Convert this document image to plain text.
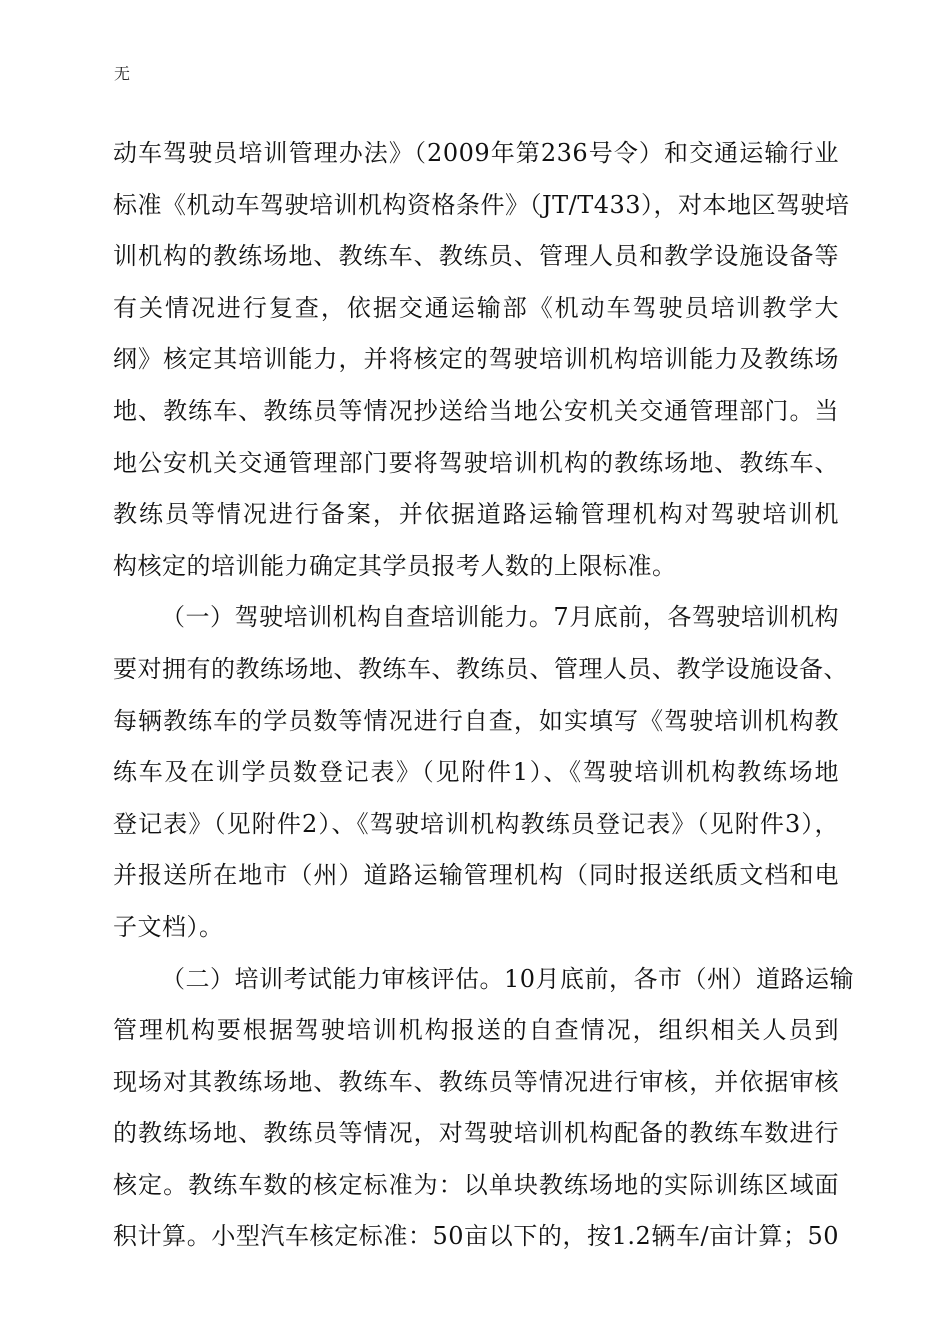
无
动车驾驶员培训管理办法》（2009年第236号令）和交通运输行业
标准《机动车驾驶培训机构资格条件》（JT/T433），对本地区驾驶培
训机构的教练场地、教练车、教练员、管理人员和教学设施设备等
有关情况进行复查，依据交通运输部《机动车驾驶员培训教学大
纲》核定其培训能力，并将核定的驾驶培训机构培训能力及教练场
地、教练车、教练员等情况抄送给当地公安机关交通管理部门。当
地公安机关交通管理部门要将驾驶培训机构的教练场地、教练车、
教练员等情况进行备案，并依据道路运输管理机构对驾驶培训机
构核定的培训能力确定其学员报考人数的上限标准。
（一）驾驶培训机构自查培训能力。7月底前，各驾驶培训机构
要对拥有的教练场地、教练车、教练员、管理人员、教学设施设备、
每辆教练车的学员数等情况进行自查，如实填写《驾驶培训机构教
练车及在训学员数登记表》（见附件1）、《驾驶培训机构教练场地
登记表》（见附件2）、《驾驶培训机构教练员登记表》（见附件3），
并报送所在地市（州）道路运输管理机构（同时报送纸质文档和电
子文档）。
（二）培训考试能力审核评估。10月底前，各市（州）道路运输
管理机构要根据驾驶培训机构报送的自查情况，组织相关人员到
现场对其教练场地、教练车、教练员等情况进行审核，并依据审核
的教练场地、教练员等情况，对驾驶培训机构配备的教练车数进行
核定。教练车数的核定标准为：以单块教练场地的实际训练区域面
积计算。小型汽车核定标准：50亩以下的，按1.2辆车/亩计算；50
